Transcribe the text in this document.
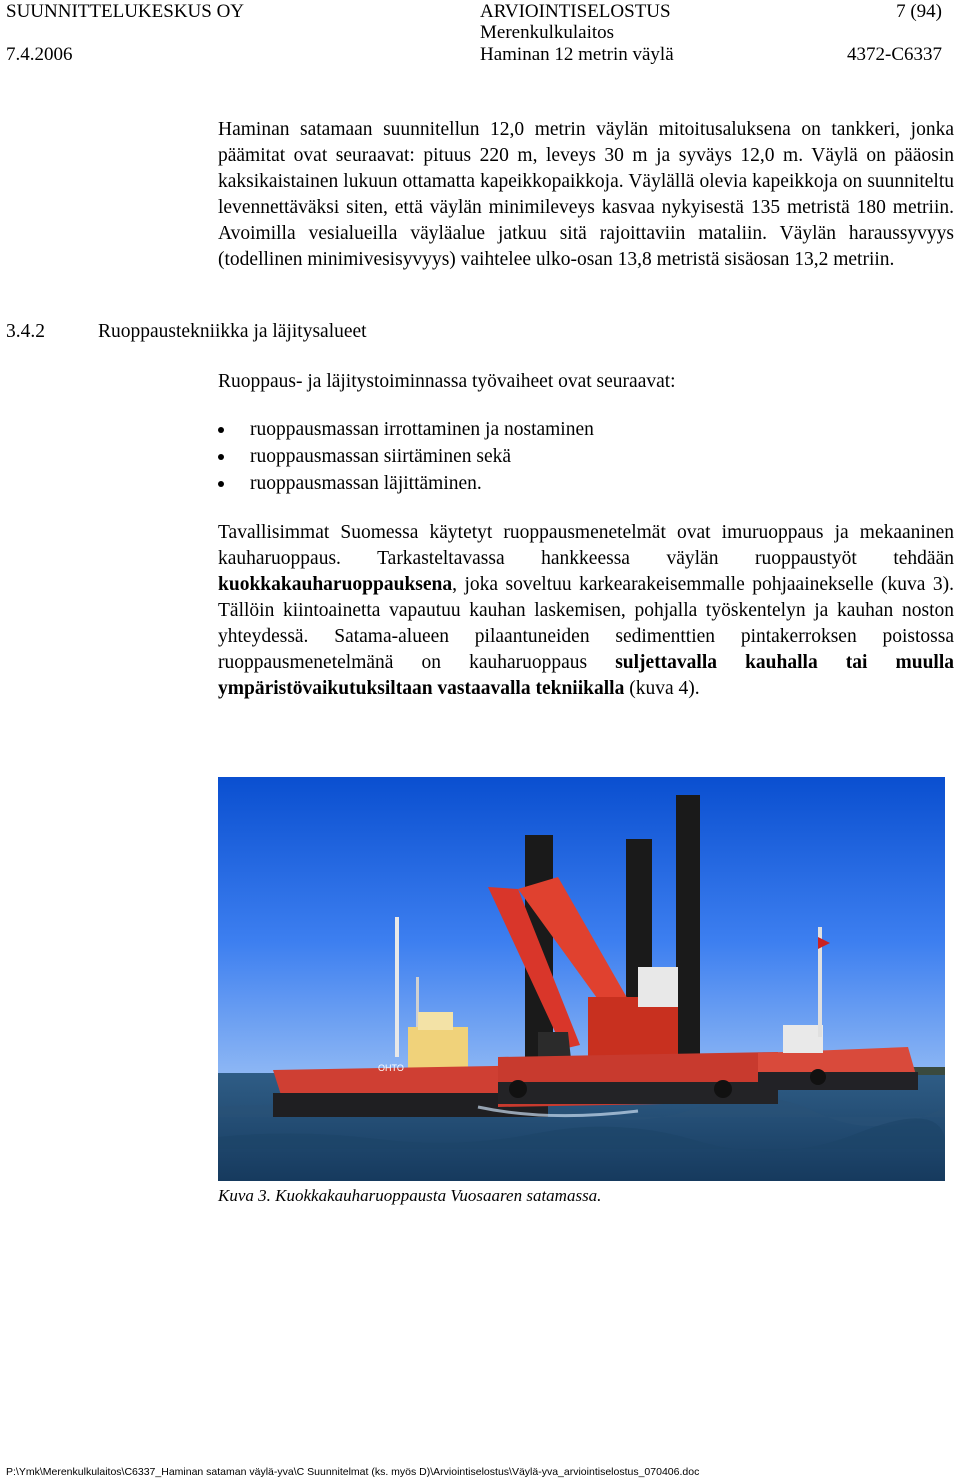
SUUNNITTELUKESKUS OY
7.4.2006
ARVIOINTISELOSTUS
Merenkulkulaitos
Haminan 12 metrin väylä
7 (94)
4372-C6337

Haminan satamaan suunnitellun 12,0 metrin väylän mitoitusaluksena on tankkeri, jonka päämitat ovat seuraavat: pituus 220 m, leveys 30 m ja syväys 12,0 m. Väylä on pääosin kaksikaistainen lukuun ottamatta kapeikkopaikkoja. Väylällä olevia kapeikkoja on suunniteltu levennettäväksi siten, että väylän minimileveys kasvaa nykyisestä 135 metristä 180 metriin. Avoimilla vesialueilla väyläalue jatkuu sitä rajoittaviin mataliin. Väylän haraussyvyys (todellinen minimivesisyvyys) vaihtelee ulko-osan 13,8 metristä sisäosan 13,2 metriin.

3.4.2	Ruoppaustekniikka ja läjitysalueet

Ruoppaus- ja läjitystoiminnassa työvaiheet ovat seuraavat:

ruoppausmassan irrottaminen ja nostaminen
ruoppausmassan siirtäminen sekä
ruoppausmassan läjittäminen.

Tavallisimmat Suomessa käytetyt ruoppausmenetelmät ovat imuruoppaus ja mekaaninen kauharuoppaus. Tarkasteltavassa hankkeessa väylän ruoppaustyöt tehdään kuokkakauharuoppauksena, joka soveltuu karkearakeisemmalle pohjaainekselle (kuva 3). Tällöin kiintoainetta vapautuu kauhan laskemisen, pohjalla työskentelyn ja kauhan noston yhteydessä. Satama-alueen pilaantuneiden sedimenttien pintakerroksen poistossa ruoppausmenetelmänä on kauharuoppaus suljettavalla kauhalla tai muulla ympäristövaikutuksiltaan vastaavalla tekniikalla (kuva 4).

OHTO
Kuva 3. Kuokkakauharuoppausta Vuosaaren satamassa.
P:\Ymk\Merenkulkulaitos\C6337_Haminan sataman väylä-yva\C Suunnitelmat (ks. myös D)\Arviointiselostus\Väylä-yva_arviointiselostus_070406.doc
